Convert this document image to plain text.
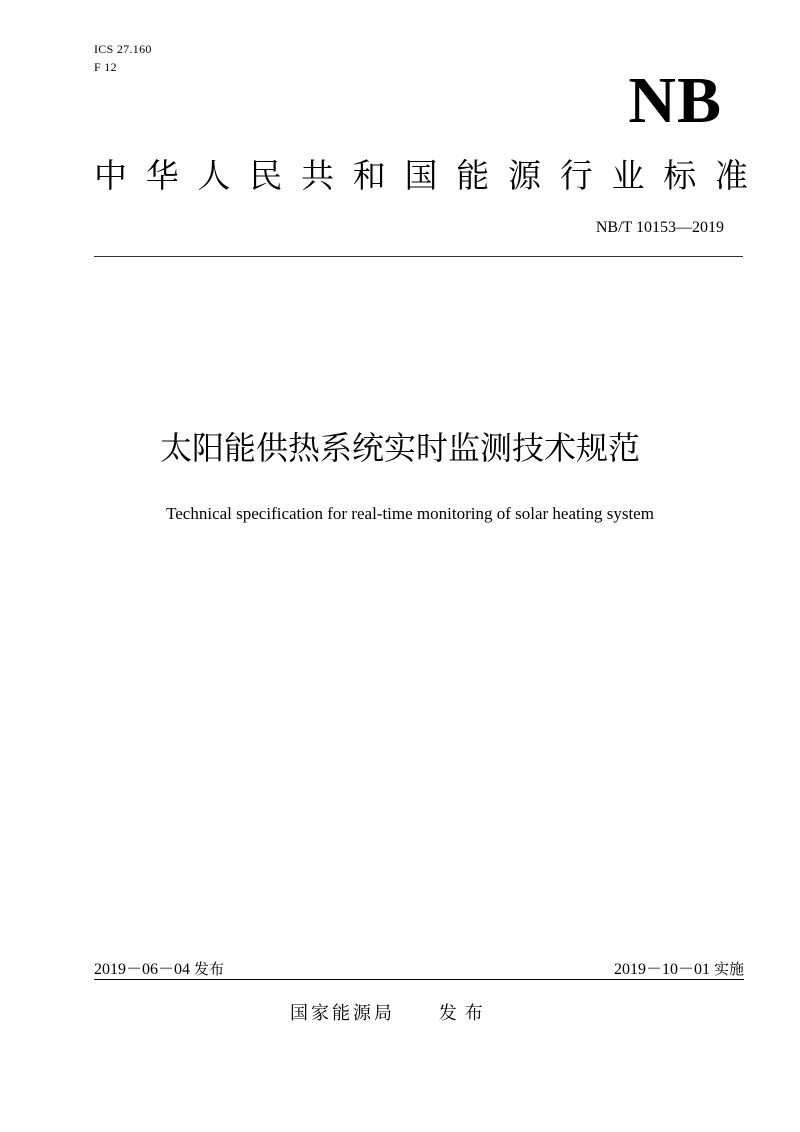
ICS 27.160
F 12	NB
中 华 人 民 共 和 国 能 源 行 业 标 准
NB/T 10153—2019
太阳能供热系统实时监测技术规范
Technical specification for real-time monitoring of solar heating system
2019－06－04 发布	2019－10－01 实施
国家能源局 发布
